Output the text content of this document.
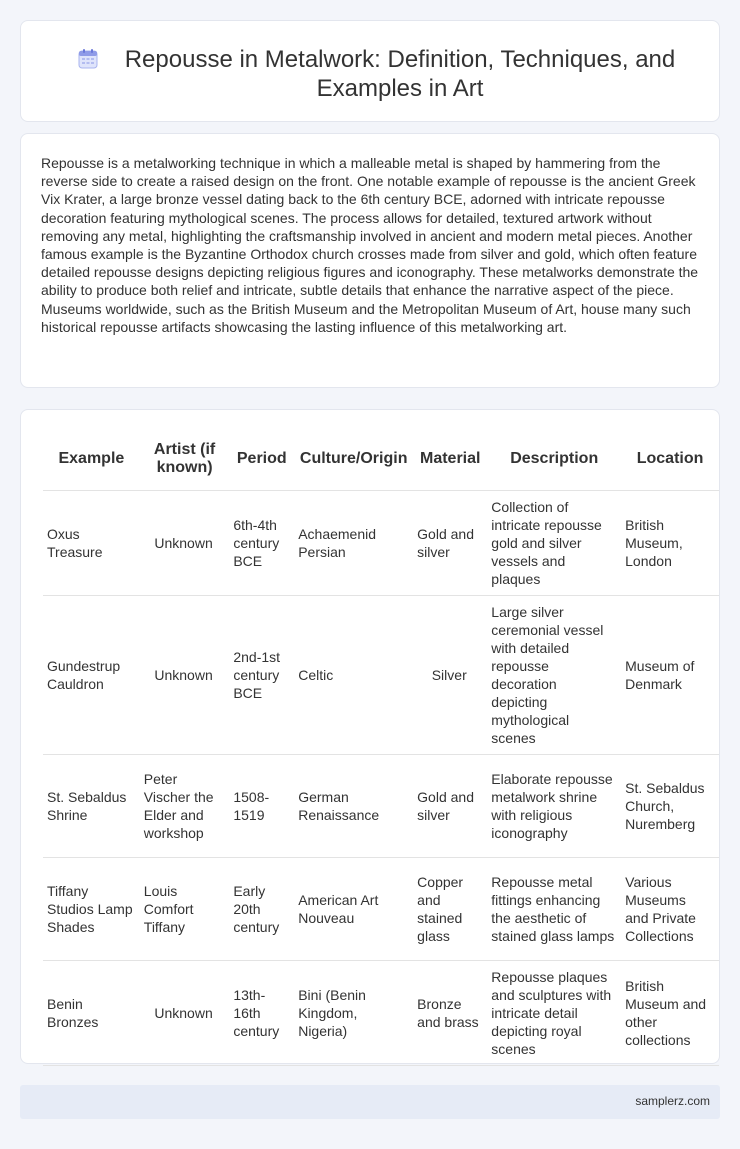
Repousse in Metalwork: Definition, Techniques, and Examples in Art

Repousse is a metalworking technique in which a malleable metal is shaped by hammering from the reverse side to create a raised design on the front. One notable example of repousse is the ancient Greek Vix Krater, a large bronze vessel dating back to the 6th century BCE, adorned with intricate repousse decoration featuring mythological scenes. The process allows for detailed, textured artwork without removing any metal, highlighting the craftsmanship involved in ancient and modern metal pieces. Another famous example is the Byzantine Orthodox church crosses made from silver and gold, which often feature detailed repousse designs depicting religious figures and iconography. These metalworks demonstrate the ability to produce both relief and intricate, subtle details that enhance the narrative aspect of the piece. Museums worldwide, such as the British Museum and the Metropolitan Museum of Art, house many such historical repousse artifacts showcasing the lasting influence of this metalworking art.

Example	Artist (if known)	Period	Culture/Origin	Material	Description	Location
Oxus Treasure	Unknown	6th-4th century BCE	Achaemenid Persian	Gold and silver	Collection of intricate repousse gold and silver vessels and plaques	British Museum, London
Gundestrup Cauldron	Unknown	2nd-1st century BCE	Celtic	Silver	Large silver ceremonial vessel with detailed repousse decoration depicting mythological scenes	Museum of Denmark
St. Sebaldus Shrine	Peter Vischer the Elder and workshop	1508-1519	German Renaissance	Gold and silver	Elaborate repousse metalwork shrine with religious iconography	St. Sebaldus Church, Nuremberg
Tiffany Studios Lamp Shades	Louis Comfort Tiffany	Early 20th century	American Art Nouveau	Copper and stained glass	Repousse metal fittings enhancing the aesthetic of stained glass lamps	Various Museums and Private Collections
Benin Bronzes	Unknown	13th-16th century	Bini (Benin Kingdom, Nigeria)	Bronze and brass	Repousse plaques and sculptures with intricate detail depicting royal scenes	British Museum and other collections
samplerz.com
